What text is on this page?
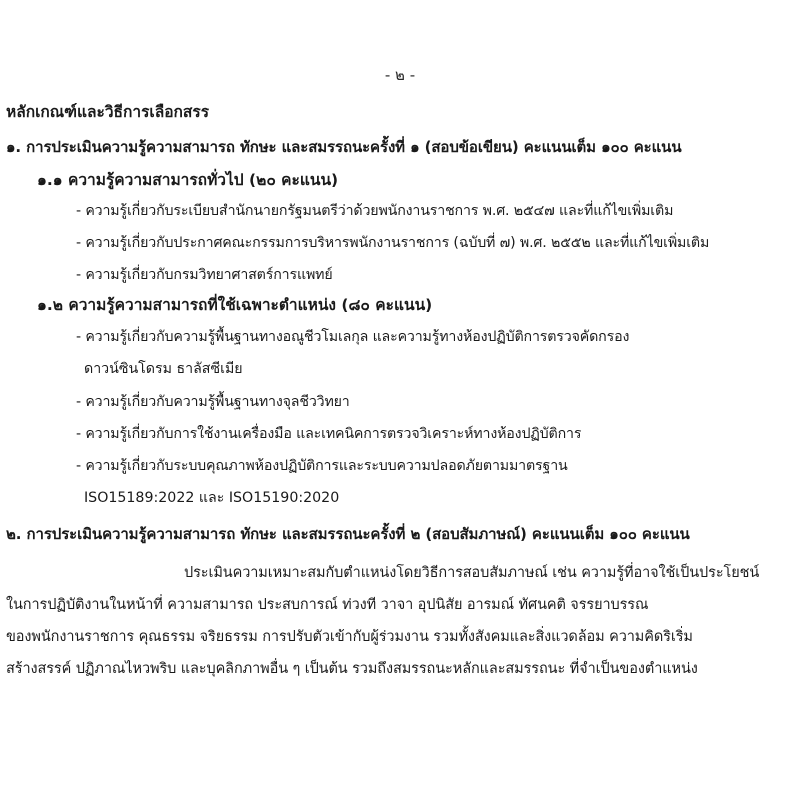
- ๒ -
หลักเกณฑ์และวิธีการเลือกสรร
๑. การประเมินความรู้ความสามารถ ทักษะ และสมรรถนะครั้งที่ ๑ (สอบข้อเขียน) คะแนนเต็ม ๑๐๐ คะแนน
๑.๑ ความรู้ความสามารถทั่วไป (๒๐ คะแนน)
- ความรู้เกี่ยวกับระเบียบสำนักนายกรัฐมนตรีว่าด้วยพนักงานราชการ พ.ศ. ๒๕๔๗ และที่แก้ไขเพิ่มเติม
- ความรู้เกี่ยวกับประกาศคณะกรรมการบริหารพนักงานราชการ (ฉบับที่ ๗) พ.ศ. ๒๕๕๒ และที่แก้ไขเพิ่มเติม
- ความรู้เกี่ยวกับกรมวิทยาศาสตร์การแพทย์
๑.๒ ความรู้ความสามารถที่ใช้เฉพาะตำแหน่ง (๘๐ คะแนน)
- ความรู้เกี่ยวกับความรู้พื้นฐานทางอณูชีวโมเลกุล และความรู้ทางห้องปฏิบัติการตรวจคัดกรอง
ดาวน์ซินโดรม ธาลัสซีเมีย
- ความรู้เกี่ยวกับความรู้พื้นฐานทางจุลชีววิทยา
- ความรู้เกี่ยวกับการใช้งานเครื่องมือ และเทคนิคการตรวจวิเคราะห์ทางห้องปฏิบัติการ
- ความรู้เกี่ยวกับระบบคุณภาพห้องปฏิบัติการและระบบความปลอดภัยตามมาตรฐาน
ISO15189:2022 และ ISO15190:2020
๒. การประเมินความรู้ความสามารถ ทักษะ และสมรรถนะครั้งที่ ๒ (สอบสัมภาษณ์) คะแนนเต็ม ๑๐๐ คะแนน
ประเมินความเหมาะสมกับตำแหน่งโดยวิธีการสอบสัมภาษณ์ เช่น ความรู้ที่อาจใช้เป็นประโยชน์
ในการปฏิบัติงานในหน้าที่ ความสามารถ ประสบการณ์ ท่วงที วาจา อุปนิสัย อารมณ์ ทัศนคติ จรรยาบรรณ
ของพนักงานราชการ คุณธรรม จริยธรรม การปรับตัวเข้ากับผู้ร่วมงาน รวมทั้งสังคมและสิ่งแวดล้อม ความคิดริเริ่ม
สร้างสรรค์ ปฏิภาณไหวพริบ และบุคลิกภาพอื่น ๆ เป็นต้น รวมถึงสมรรถนะหลักและสมรรถนะ ที่จำเป็นของตำแหน่ง
